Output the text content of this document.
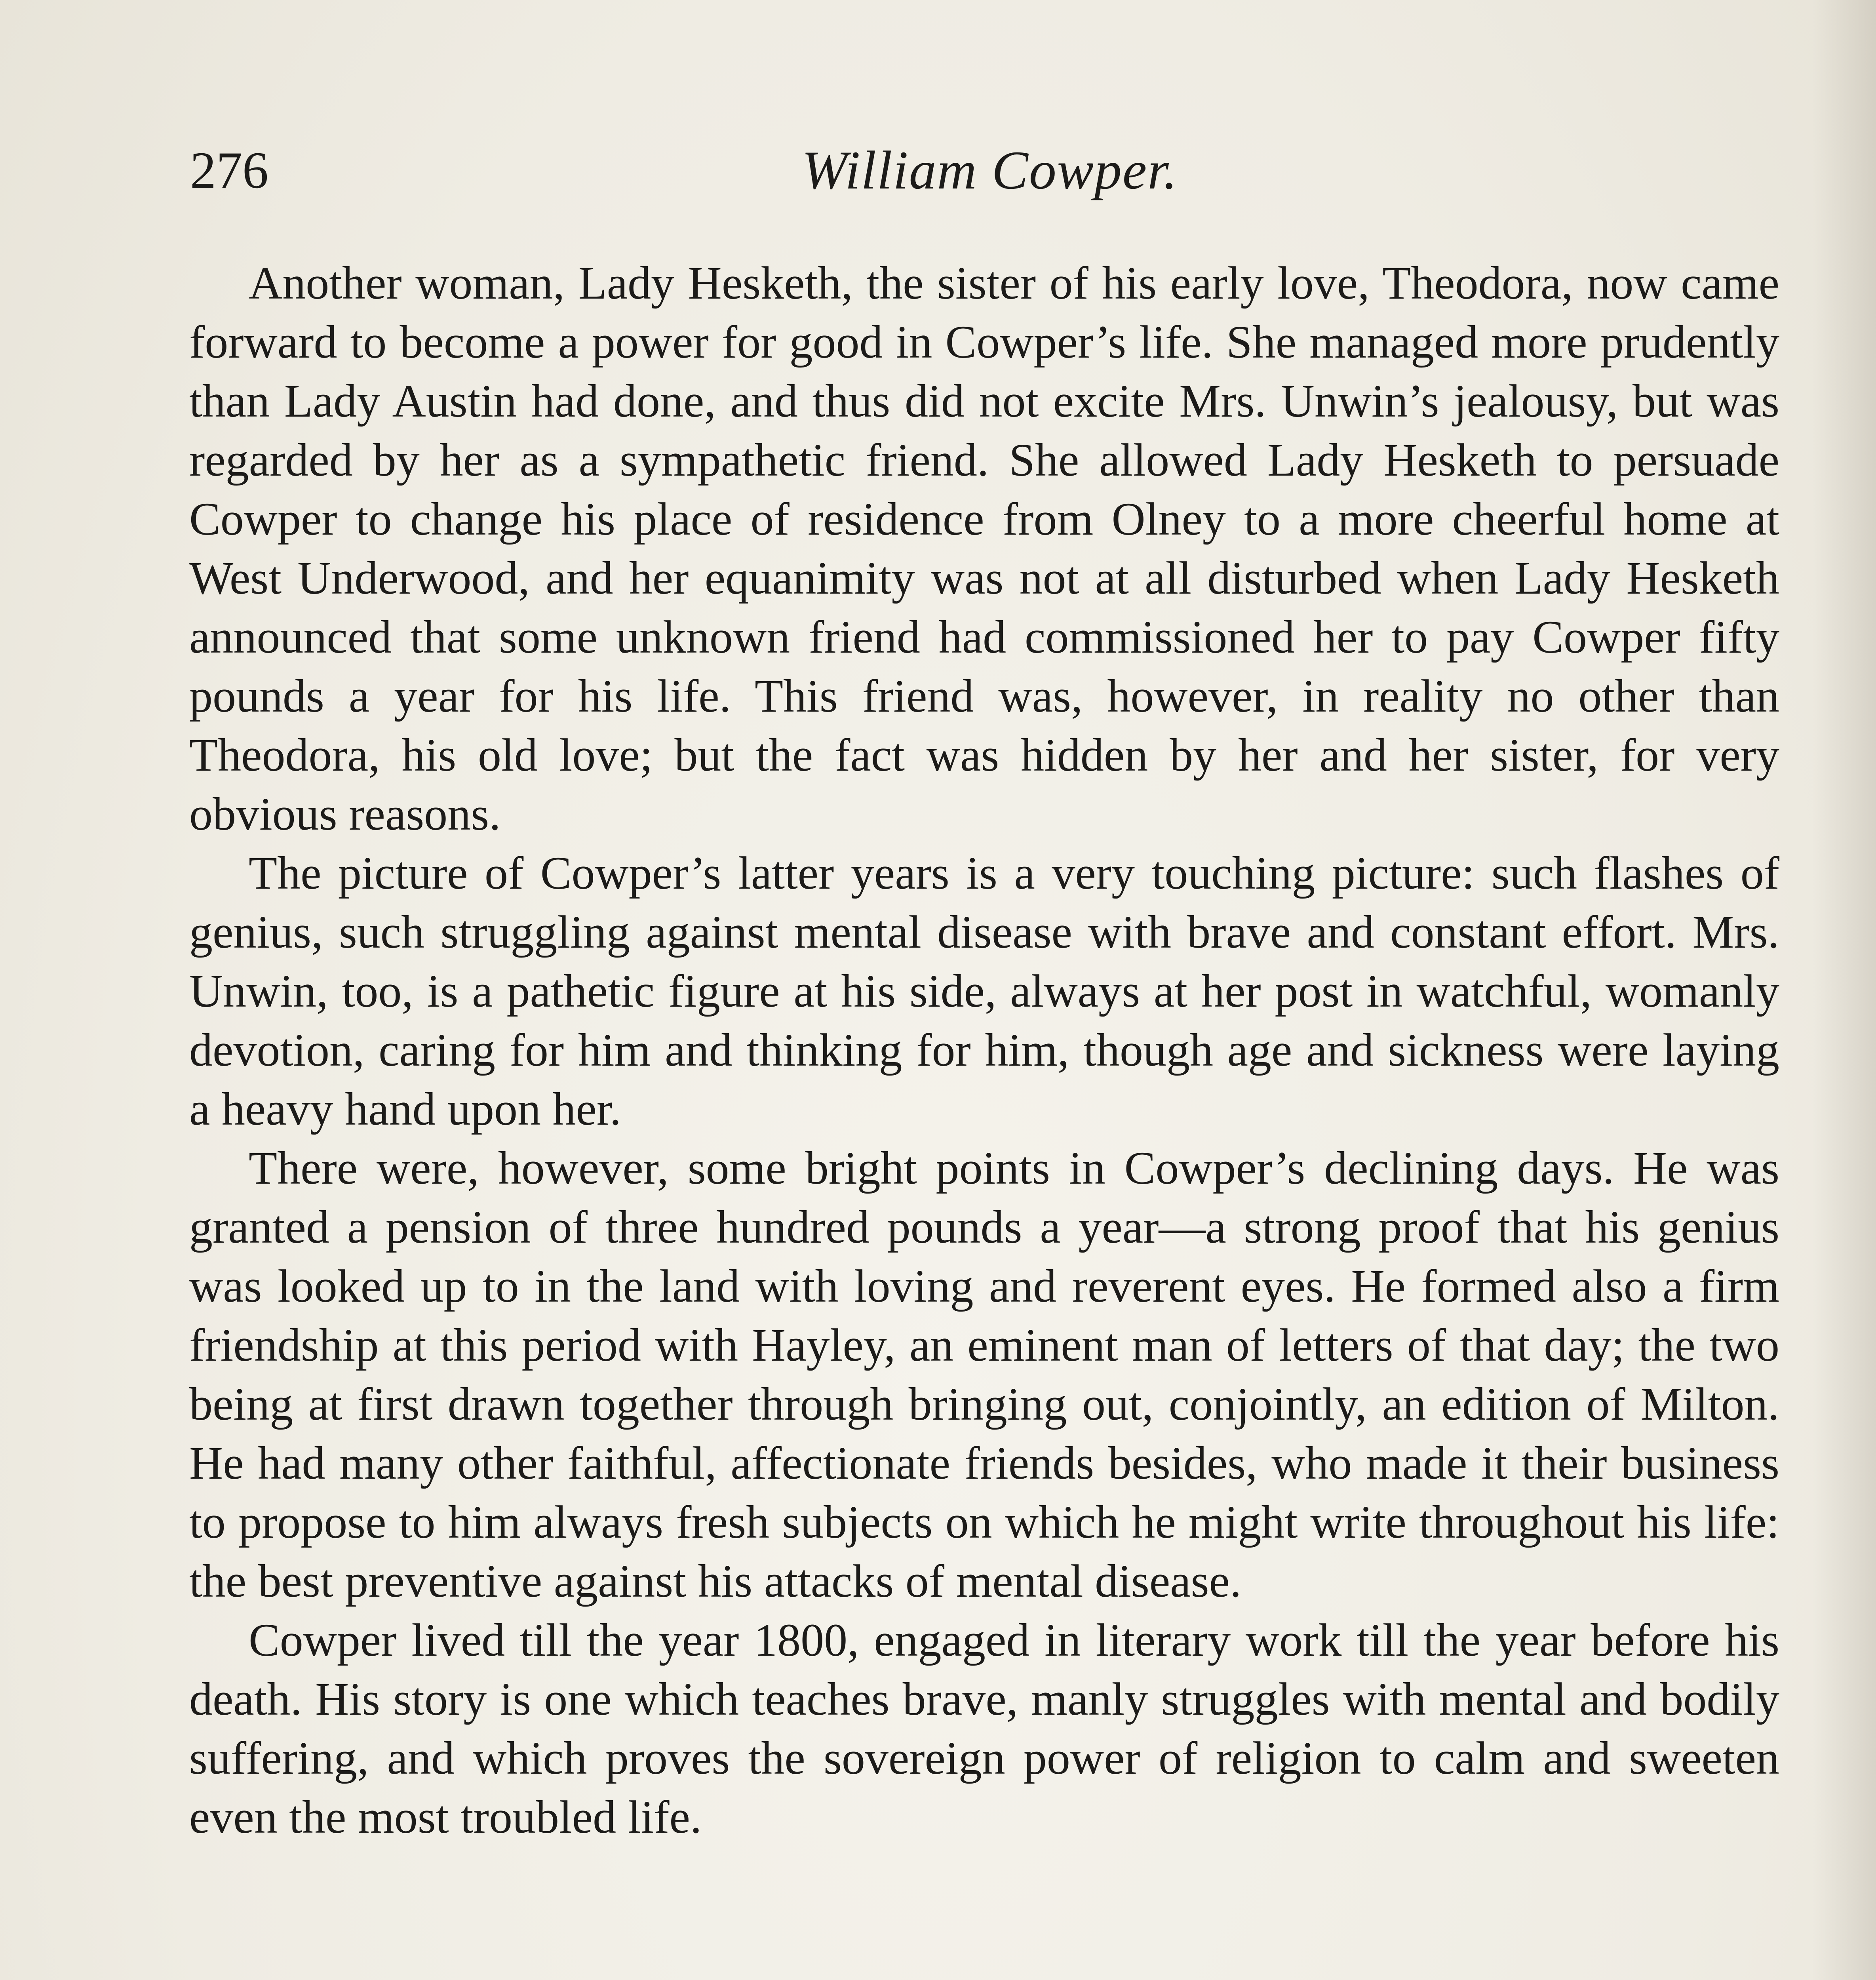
276	William Cowper.

Another woman, Lady Hesketh, the sister of his early love, Theodora, now came forward to become a power for good in Cowper’s life. She managed more prudently than Lady Austin had done, and thus did not excite Mrs. Unwin’s jealousy, but was regarded by her as a sympathetic friend. She allowed Lady Hesketh to persuade Cowper to change his place of residence from Olney to a more cheerful home at West Underwood, and her equanimity was not at all disturbed when Lady Hesketh announced that some unknown friend had commissioned her to pay Cowper fifty pounds a year for his life. This friend was, however, in reality no other than Theodora, his old love; but the fact was hidden by her and her sister, for very obvious reasons.

The picture of Cowper’s latter years is a very touching picture: such flashes of genius, such struggling against mental disease with brave and constant effort. Mrs. Unwin, too, is a pathetic figure at his side, always at her post in watchful, womanly devotion, caring for him and thinking for him, though age and sickness were laying a heavy hand upon her.

There were, however, some bright points in Cowper’s declining days. He was granted a pension of three hundred pounds a year—a strong proof that his genius was looked up to in the land with loving and reverent eyes. He formed also a firm friendship at this period with Hayley, an eminent man of letters of that day; the two being at first drawn together through bringing out, conjointly, an edition of Milton. He had many other faithful, affectionate friends besides, who made it their business to propose to him always fresh subjects on which he might write throughout his life: the best preventive against his attacks of mental disease.

Cowper lived till the year 1800, engaged in literary work till the year before his death. His story is one which teaches brave, manly struggles with mental and bodily suffering, and which proves the sovereign power of religion to calm and sweeten even the most troubled life.
